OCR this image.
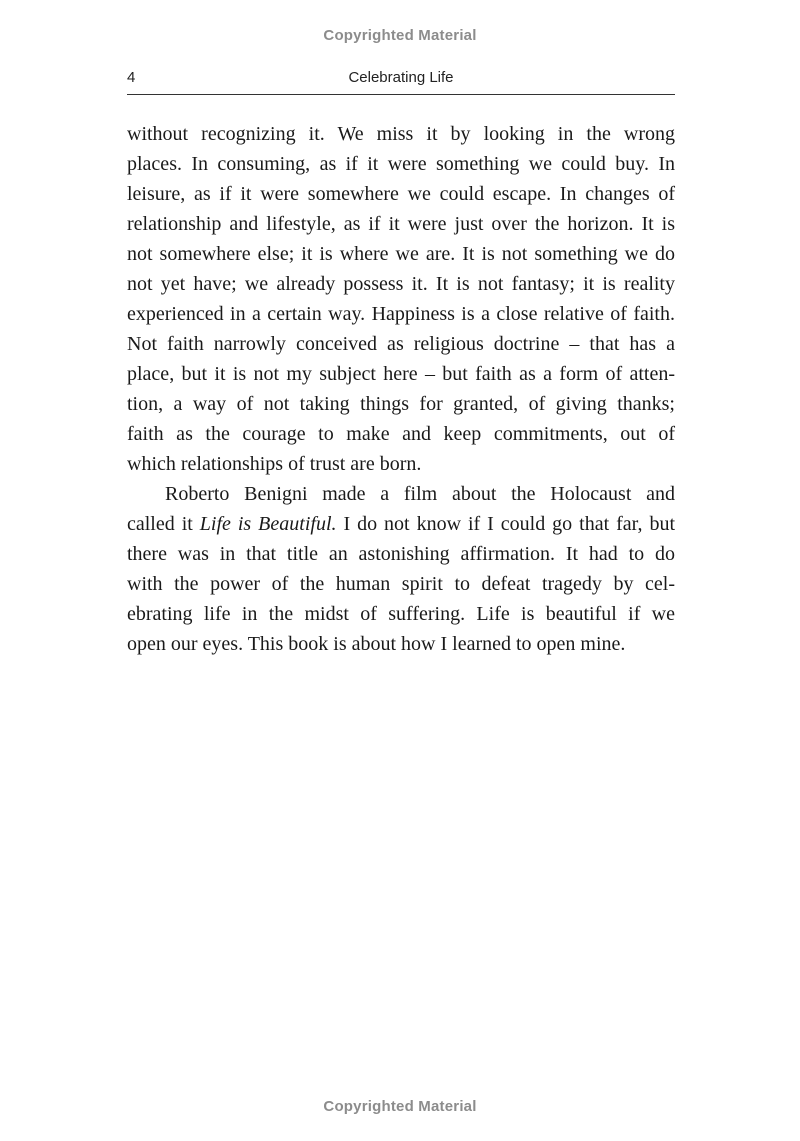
Copyrighted Material
4	Celebrating Life
without recognizing it. We miss it by looking in the wrong
places. In consuming, as if it were something we could buy. In
leisure, as if it were somewhere we could escape. In changes of
relationship and lifestyle, as if it were just over the horizon. It is
not somewhere else; it is where we are. It is not something we do
not yet have; we already possess it. It is not fantasy; it is reality
experienced in a certain way. Happiness is a close relative of faith.
Not faith narrowly conceived as religious doctrine – that has a
place, but it is not my subject here – but faith as a form of atten-
tion, a way of not taking things for granted, of giving thanks;
faith as the courage to make and keep commitments, out of
which relationships of trust are born.
Roberto Benigni made a film about the Holocaust and
called it Life is Beautiful. I do not know if I could go that far, but
there was in that title an astonishing affirmation. It had to do
with the power of the human spirit to defeat tragedy by cel-
ebrating life in the midst of suffering. Life is beautiful if we
open our eyes. This book is about how I learned to open mine.
Copyrighted Material
